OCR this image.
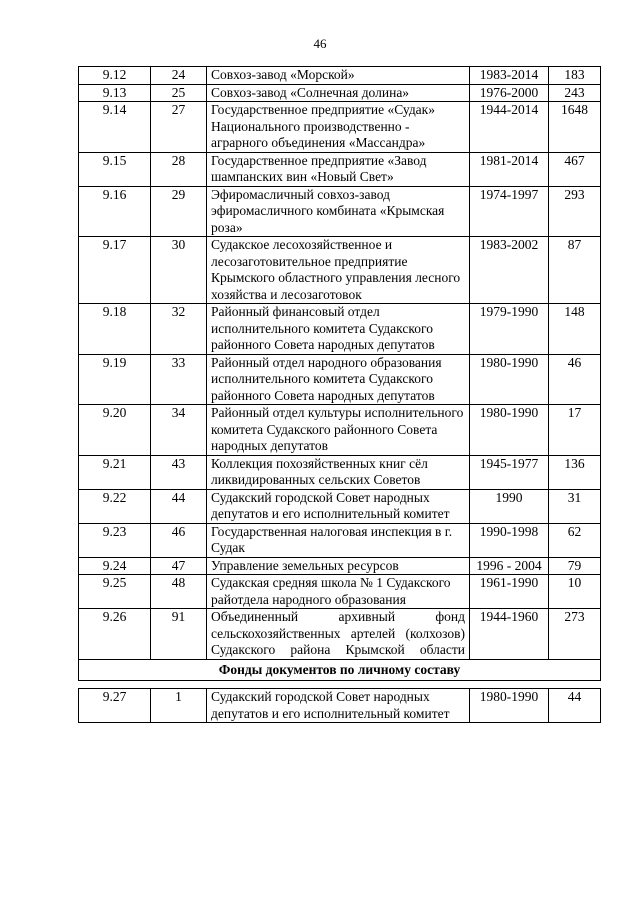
46
9.12	24	Совхоз-завод «Морской»	1983-2014	183
9.13	25	Совхоз-завод «Солнечная долина»	1976-2000	243
9.14	27	Государственное предприятие «Судак» Национального производственно - аграрного объединения «Массандра»	1944-2014	1648
9.15	28	Государственное предприятие «Завод шампанских вин «Новый Свет»	1981-2014	467
9.16	29	Эфиромасличный совхоз-завод эфиромасличного комбината «Крымская роза»	1974-1997	293
9.17	30	Судакское лесохозяйственное и лесозаготовительное предприятие Крымского областного управления лесного хозяйства и лесозаготовок	1983-2002	87
9.18	32	Районный финансовый отдел исполнительного комитета Судакского районного Совета народных депутатов	1979-1990	148
9.19	33	Районный отдел народного образования исполнительного комитета Судакского районного Совета народных депутатов	1980-1990	46
9.20	34	Районный отдел культуры исполнительного комитета Судакского районного Совета народных депутатов	1980-1990	17
9.21	43	Коллекция похозяйственных книг сёл ликвидированных сельских Советов	1945-1977	136
9.22	44	Судакский городской Совет народных депутатов и его исполнительный комитет	1990	31
9.23	46	Государственная налоговая инспекция в г. Судак	1990-1998	62
9.24	47	Управление земельных ресурсов	1996 - 2004	79
9.25	48	Судакская средняя школа № 1 Судакского райотдела народного образования	1961-1990	10
9.26	91	Объединенный архивный фонд сельскохозяйственных артелей (колхозов) Судакского района Крымской области	1944-1960	273
Фонды документов по личному составу				

9.27	1	Судакский городской Совет народных депутатов и его исполнительный комитет	1980-1990	44
